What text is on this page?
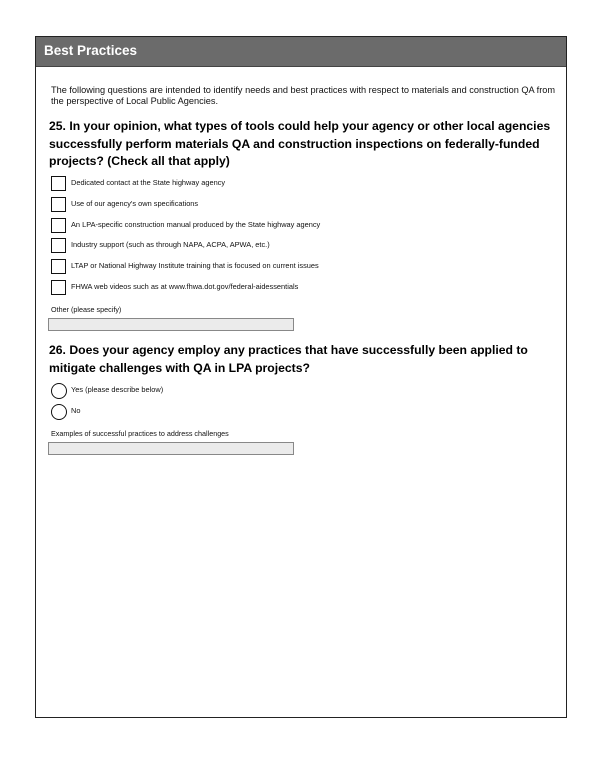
Best Practices
The following questions are intended to identify needs and best practices with respect to materials and construction QA from the perspective of Local Public Agencies.
25. In your opinion, what types of tools could help your agency or other local agencies successfully perform materials QA and construction inspections on federally-funded projects? (Check all that apply)
Dedicated contact at the State highway agency
Use of our agency's own specifications
An LPA-specific construction manual produced by the State highway agency
Industry support (such as through NAPA, ACPA, APWA, etc.)
LTAP or National Highway Institute training that is focused on current issues
FHWA web videos such as at www.fhwa.dot.gov/federal-aidessentials
Other (please specify)
26. Does your agency employ any practices that have successfully been applied to mitigate challenges with QA in LPA projects?
Yes (please describe below)
No
Examples of successful practices to address challenges
